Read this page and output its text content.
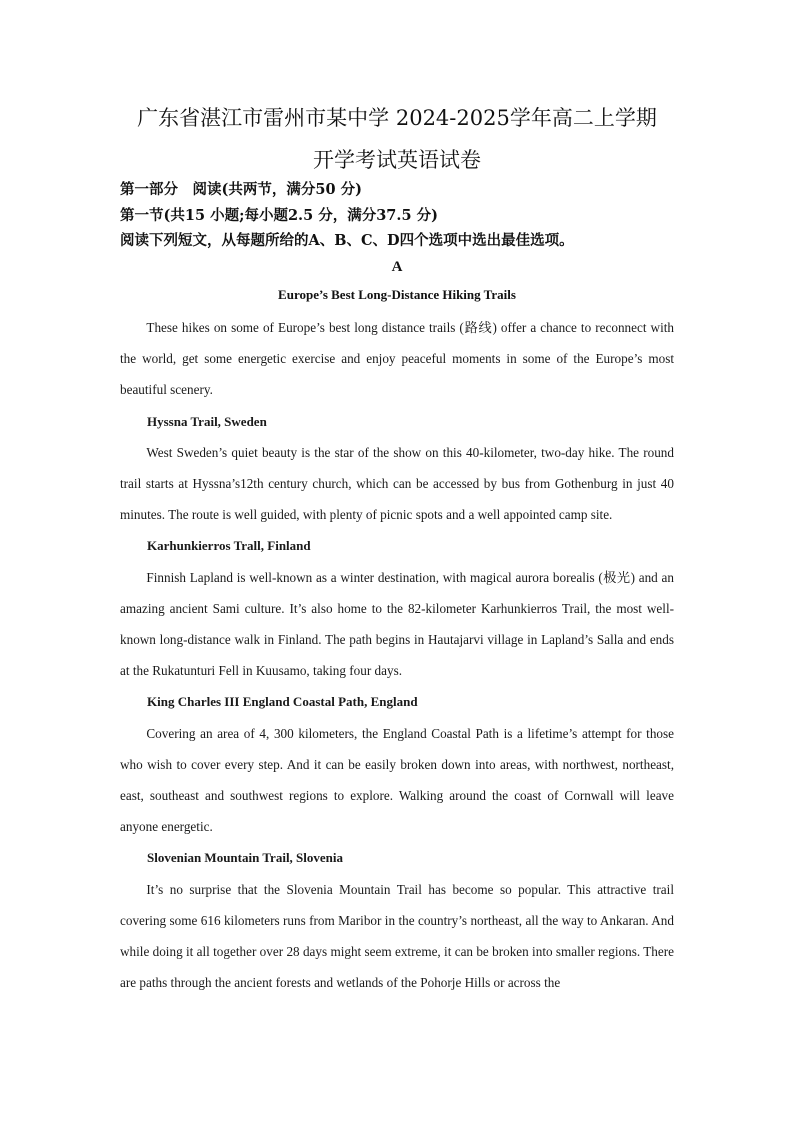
广东省湛江市雷州市某中学 2024-2025学年高二上学期
开学考试英语试卷
第一部分　阅读(共两节，满分50 分)
第一节(共15 小题;每小题2.5 分，满分37.5 分)
阅读下列短文，从每题所给的A、B、C、D四个选项中选出最佳选项。
A
Europe’s Best Long-Distance Hiking Trails

These hikes on some of Europe’s best long distance trails (路线) offer a chance to reconnect with the world, get some energetic exercise and enjoy peaceful moments in some of the Europe’s most beautiful scenery.

Hyssna Trail, Sweden

West Sweden’s quiet beauty is the star of the show on this 40-kilometer, two-day hike. The round trail starts at Hyssna’s12th century church, which can be accessed by bus from Gothenburg in just 40 minutes. The route is well guided, with plenty of picnic spots and a well appointed camp site.

Karhunkierros Trall, Finland

Finnish Lapland is well-known as a winter destination, with magical aurora borealis (极光) and an amazing ancient Sami culture. It’s also home to the 82-kilometer Karhunkierros Trail, the most well-known long-distance walk in Finland. The path begins in Hautajarvi village in Lapland’s Salla and ends at the Rukatunturi Fell in Kuusamo, taking four days.

King Charles III England Coastal Path, England

Covering an area of 4, 300 kilometers, the England Coastal Path is a lifetime’s attempt for those who wish to cover every step. And it can be easily broken down into areas, with northwest, northeast, east, southeast and southwest regions to explore. Walking around the coast of Cornwall will leave anyone energetic.

Slovenian Mountain Trail, Slovenia

It’s no surprise that the Slovenia Mountain Trail has become so popular. This attractive trail covering some 616 kilometers runs from Maribor in the country’s northeast, all the way to Ankaran. And while doing it all together over 28 days might seem extreme, it can be broken into smaller regions. There are paths through the ancient forests and wetlands of the Pohorje Hills or across the
